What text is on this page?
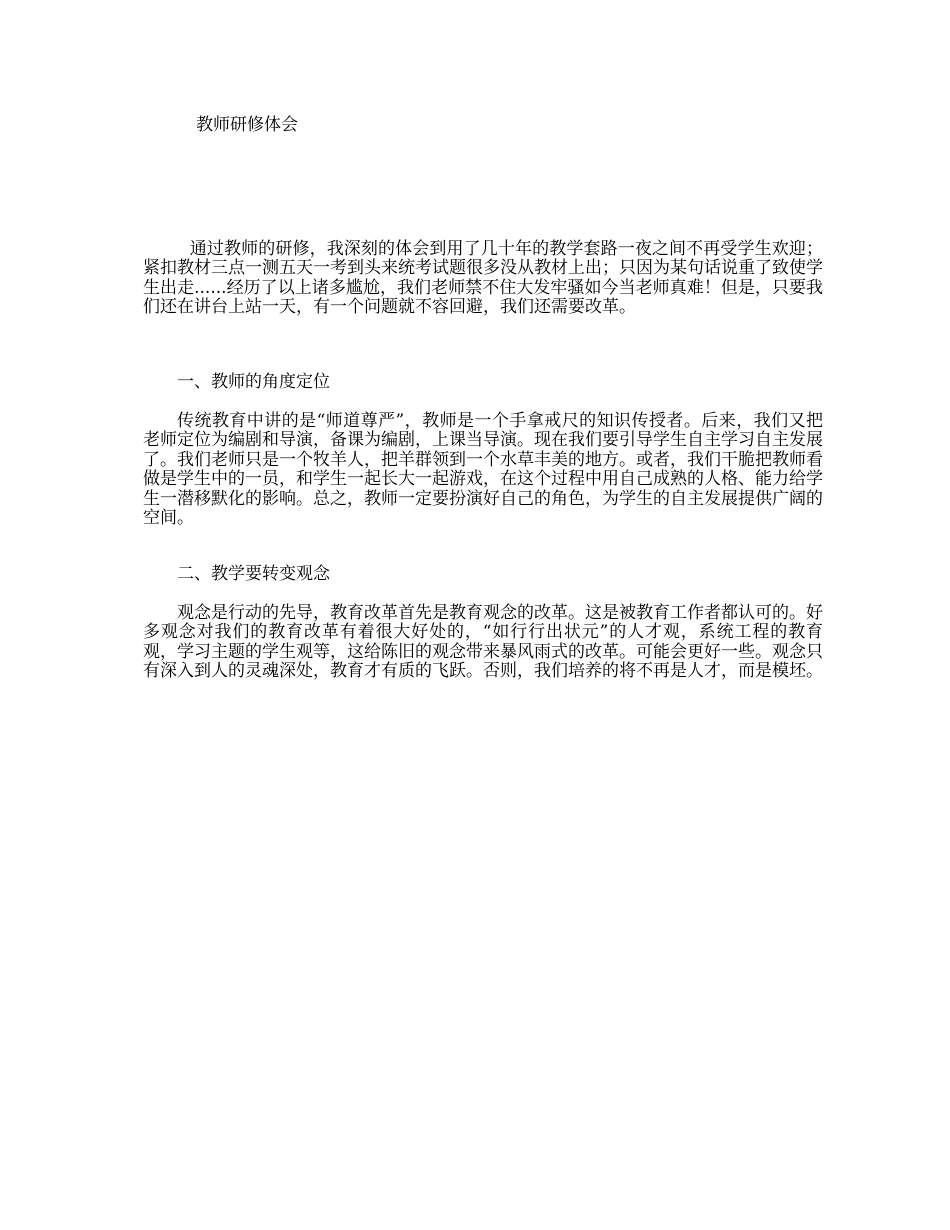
教师研修体会

通过教师的研修，我深刻的体会到用了几十年的教学套路一夜之间不再受学生欢迎；紧扣教材三点一测五天一考到头来统考试题很多没从教材上出；只因为某句话说重了致使学生出走......经历了以上诸多尴尬，我们老师禁不住大发牢骚如今当老师真难！但是，只要我们还在讲台上站一天，有一个问题就不容回避，我们还需要改革。

一、教师的角度定位

传统教育中讲的是“师道尊严”，教师是一个手拿戒尺的知识传授者。后来，我们又把老师定位为编剧和导演，备课为编剧，上课当导演。现在我们要引导学生自主学习自主发展了。我们老师只是一个牧羊人，把羊群领到一个水草丰美的地方。或者，我们干脆把教师看做是学生中的一员，和学生一起长大一起游戏，在这个过程中用自己成熟的人格、能力给学生一潜移默化的影响。总之，教师一定要扮演好自己的角色，为学生的自主发展提供广阔的空间。

二、教学要转变观念

观念是行动的先导，教育改革首先是教育观念的改革。这是被教育工作者都认可的。好多观念对我们的教育改革有着很大好处的，“如行行出状元”的人才观，系统工程的教育观，学习主题的学生观等，这给陈旧的观念带来暴风雨式的改革。可能会更好一些。观念只有深入到人的灵魂深处，教育才有质的飞跃。否则，我们培养的将不再是人才，而是模坯。
